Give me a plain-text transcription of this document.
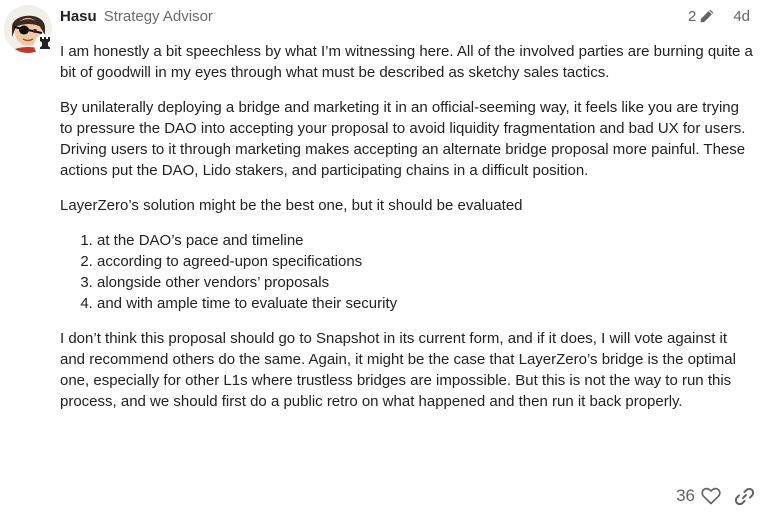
Hasu Strategy Advisor	2 4d

I am honestly a bit speechless by what I’m witnessing here. All of the involved parties are burning quite a bit of goodwill in my eyes through what must be described as sketchy sales tactics.

By unilaterally deploying a bridge and marketing it in an official-seeming way, it feels like you are trying to pressure the DAO into accepting your proposal to avoid liquidity fragmentation and bad UX for users. Driving users to it through marketing makes accepting an alternate bridge proposal more painful. These actions put the DAO, Lido stakers, and participating chains in a difficult position.

LayerZero’s solution might be the best one, but it should be evaluated

1. at the DAO’s pace and timeline
2. according to agreed-upon specifications
3. alongside other vendors’ proposals
4. and with ample time to evaluate their security

I don’t think this proposal should go to Snapshot in its current form, and if it does, I will vote against it and recommend others do the same. Again, it might be the case that LayerZero’s bridge is the optimal one, especially for other L1s where trustless bridges are impossible. But this is not the way to run this process, and we should first do a public retro on what happened and then run it back properly.

36
